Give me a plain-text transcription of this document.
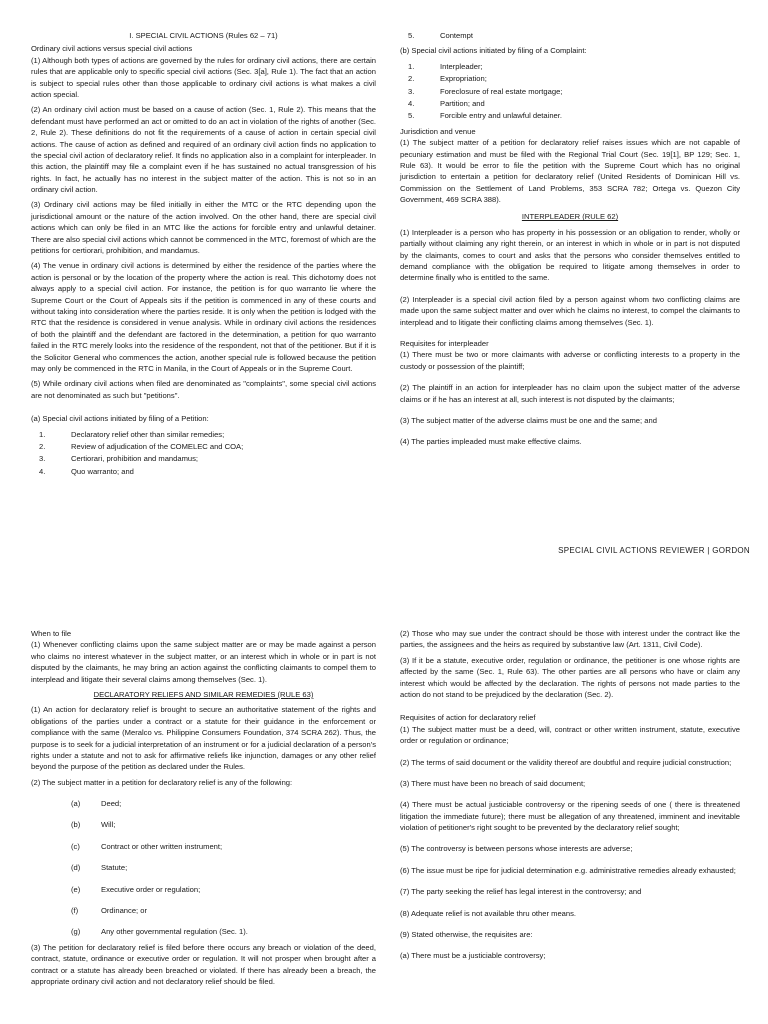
I. SPECIAL CIVIL ACTIONS (Rules 62 – 71)

Ordinary civil actions versus special civil actions

(1) Although both types of actions are governed by the rules for ordinary civil actions, there are certain rules that are applicable only to specific special civil actions (Sec. 3[a], Rule 1). The fact that an action is subject to special rules other than those applicable to ordinary civil actions is what makes a civil action special.

(2) An ordinary civil action must be based on a cause of action (Sec. 1, Rule 2). This means that the defendant must have performed an act or omitted to do an act in violation of the rights of another (Sec. 2, Rule 2). These definitions do not fit the requirements of a cause of action in certain special civil actions. The cause of action as defined and required of an ordinary civil action finds no application to the special civil action of declaratory relief. It finds no application also in a complaint for interpleader. In this action, the plaintiff may file a complaint even if he has sustained no actual transgression of his rights. In fact, he actually has no interest in the subject matter of the action. This is not so in an ordinary civil action.

(3) Ordinary civil actions may be filed initially in either the MTC or the RTC depending upon the jurisdictional amount or the nature of the action involved. On the other hand, there are special civil actions which can only be filed in an MTC like the actions for forcible entry and unlawful detainer. There are also special civil actions which cannot be commenced in the MTC, foremost of which are the petitions for certiorari, prohibition, and mandamus.

(4) The venue in ordinary civil actions is determined by either the residence of the parties where the action is personal or by the location of the property where the action is real. This dichotomy does not always apply to a special civil action. For instance, the petition is for quo warranto lie where the Supreme Court or the Court of Appeals sits if the petition is commenced in any of these courts and without taking into consideration where the parties reside. It is only when the petition is lodged with the RTC that the residence is considered in venue analysis. While in ordinary civil actions the residences of both the plaintiff and the defendant are factored in the determination, a petition for quo warranto failed in the RTC merely looks into the residence of the respondent, not that of the petitioner. But if it is the Solicitor General who commences the action, another special rule is followed because the petition may only be commenced in the RTC in Manila, in the Court of Appeals or in the Supreme Court.

(5) While ordinary civil actions when filed are denominated as "complaints", some special civil actions are not denominated as such but "petitions".

(a) Special civil actions initiated by filing of a Petition:

1.	Declaratory relief other than similar remedies;
2.	Review of adjudication of the COMELEC and COA;
3.	Certiorari, prohibition and mandamus;
4.	Quo warranto; and
5.	Contempt

(b) Special civil actions initiated by filing of a Complaint:

1.	Interpleader;
2.	Expropriation;
3.	Foreclosure of real estate mortgage;
4.	Partition; and
5.	Forcible entry and unlawful detainer.

Jurisdiction and venue

(1) The subject matter of a petition for declaratory relief raises issues which are not capable of pecuniary estimation and must be filed with the Regional Trial Court (Sec. 19[1], BP 129; Sec. 1, Rule 63). It would be error to file the petition with the Supreme Court which has no original jurisdiction to entertain a petition for declaratory relief (United Residents of Dominican Hill vs. Commission on the Settlement of Land Problems, 353 SCRA 782; Ortega vs. Quezon City Government, 469 SCRA 388).

INTERPLEADER (RULE 62)

(1) Interpleader is a person who has property in his possession or an obligation to render, wholly or partially without claiming any right therein, or an interest in which in whole or in part is not disputed by the claimants, comes to court and asks that the persons who consider themselves entitled to demand compliance with the obligation be required to litigate among themselves in order to determine finally who is entitled to the same.

(2) Interpleader is a special civil action filed by a person against whom two conflicting claims are made upon the same subject matter and over which he claims no interest, to compel the claimants to interplead and to litigate their conflicting claims among themselves (Sec. 1).

Requisites for interpleader

(1) There must be two or more claimants with adverse or conflicting interests to a property in the custody or possession of the plaintiff;

(2) The plaintiff in an action for interpleader has no claim upon the subject matter of the adverse claims or if he has an interest at all, such interest is not disputed by the claimants;

(3) The subject matter of the adverse claims must be one and the same; and

(4) The parties impleaded must make effective claims.

SPECIAL CIVIL ACTIONS REVIEWER | GORDON

When to file

(1) Whenever conflicting claims upon the same subject matter are or may be made against a person who claims no interest whatever in the subject matter, or an interest which in whole or in part is not disputed by the claimants, he may bring an action against the conflicting claimants to compel them to interplead and litigate their several claims among themselves (Sec. 1).

DECLARATORY RELIEFS AND SIMILAR REMEDIES (RULE 63)

(1) An action for declaratory relief is brought to secure an authoritative statement of the rights and obligations of the parties under a contract or a statute for their guidance in the enforcement or compliance with the same (Meralco vs. Philippine Consumers Foundation, 374 SCRA 262). Thus, the purpose is to seek for a judicial interpretation of an instrument or for a judicial declaration of a person's rights under a statute and not to ask for affirmative reliefs like injunction, damages or any other relief beyond the purpose of the petition as declared under the Rules.

(2) The subject matter in a petition for declaratory relief is any of the following:

(a)	Deed;
(b)	Will;
(c)	Contract or other written instrument;
(d)	Statute;
(e)	Executive order or regulation;
(f)	Ordinance; or
(g)	Any other governmental regulation (Sec. 1).

(3) The petition for declaratory relief is filed before there occurs any breach or violation of the deed, contract, statute, ordinance or executive order or regulation. It will not prosper when brought after a contract or a statute has already been breached or violated. If there has already been a breach, the appropriate ordinary civil action and not declaratory relief should be filed.

(2) Those who may sue under the contract should be those with interest under the contract like the parties, the assignees and the heirs as required by substantive law (Art. 1311, Civil Code).

(3) If it be a statute, executive order, regulation or ordinance, the petitioner is one whose rights are affected by the same (Sec. 1, Rule 63). The other parties are all persons who have or claim any interest which would be affected by the declaration. The rights of persons not made parties to the action do not stand to be prejudiced by the declaration (Sec. 2).

Requisites of action for declaratory relief

(1) The subject matter must be a deed, will, contract or other written instrument, statute, executive order or regulation or ordinance;

(2) The terms of said document or the validity thereof are doubtful and require judicial construction;

(3) There must have been no breach of said document;

(4) There must be actual justiciable controversy or the ripening seeds of one ( there is threatened litigation the immediate future); there must be allegation of any threatened, imminent and inevitable violation of petitioner's right sought to be prevented by the declaratory relief sought;

(5) The controversy is between persons whose interests are adverse;

(6) The issue must be ripe for judicial determination e.g. administrative remedies already exhausted;

(7) The party seeking the relief has legal interest in the controversy; and

(8) Adequate relief is not available thru other means.

(9) Stated otherwise, the requisites are:

(a) There must be a justiciable controversy;
